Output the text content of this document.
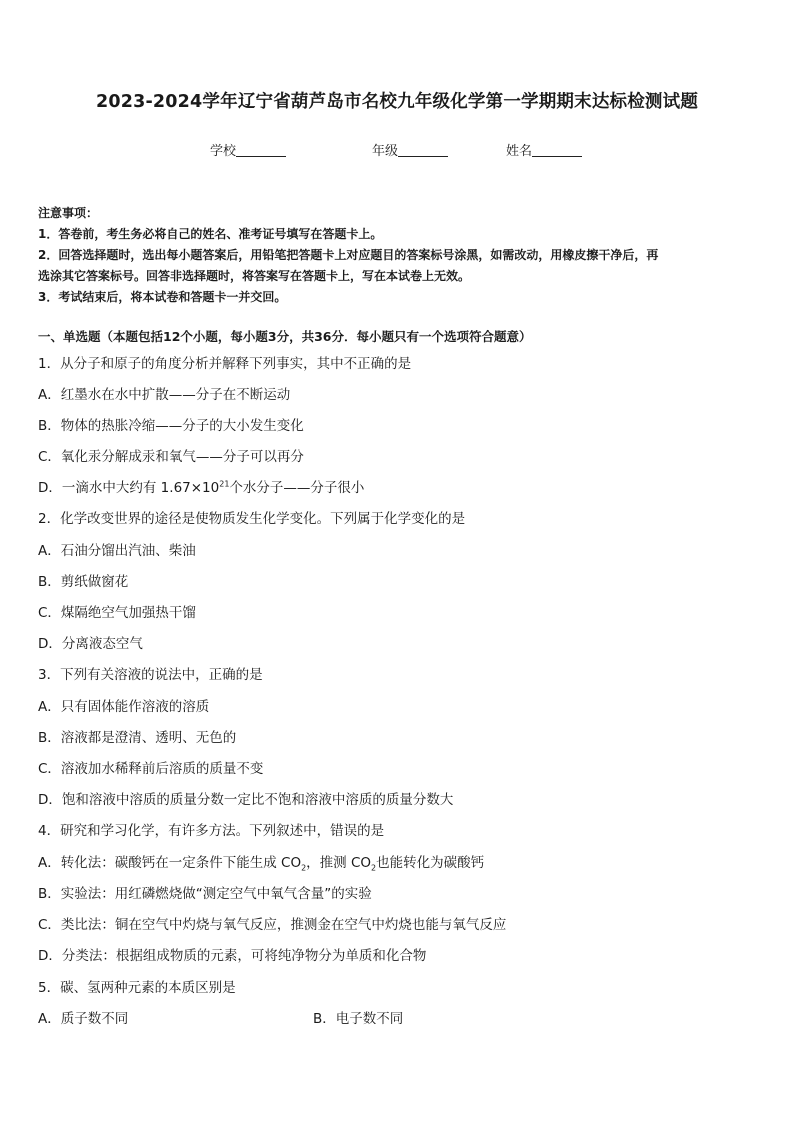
2023-2024学年辽宁省葫芦岛市名校九年级化学第一学期期末达标检测试题
学校	年级	姓名

注意事项：

1．答卷前，考生务必将自己的姓名、准考证号填写在答题卡上。

2．回答选择题时，选出每小题答案后，用铅笔把答题卡上对应题目的答案标号涂黑，如需改动，用橡皮擦干净后，再

选涂其它答案标号。回答非选择题时，将答案写在答题卡上，写在本试卷上无效。

3．考试结束后，将本试卷和答题卡一并交回。

一、单选题（本题包括12个小题，每小题3分，共36分．每小题只有一个选项符合题意）
1．从分子和原子的角度分析并解释下列事实，其中不正确的是
A．红墨水在水中扩散——分子在不断运动
B．物体的热胀冷缩——分子的大小发生变化
C．氧化汞分解成汞和氧气——分子可以再分
D．一滴水中大约有 $1.67\times 10^{21}$个水分子——分子很小
2．化学改变世界的途径是使物质发生化学变化。下列属于化学变化的是
A．石油分馏出汽油、柴油
B．剪纸做窗花
C．煤隔绝空气加强热干馏
D．分离液态空气
3．下列有关溶液的说法中，正确的是
A．只有固体能作溶液的溶质
B．溶液都是澄清、透明、无色的
C．溶液加水稀释前后溶质的质量不变
D．饱和溶液中溶质的质量分数一定比不饱和溶液中溶质的质量分数大
4．研究和学习化学，有许多方法。下列叙述中，错误的是
A．转化法：碳酸钙在一定条件下能生成 $CO_2$，推测 $CO_2$也能转化为碳酸钙
B．实验法：用红磷燃烧做“测定空气中氧气含量”的实验
C．类比法：铜在空气中灼烧与氧气反应，推测金在空气中灼烧也能与氧气反应
D．分类法：根据组成物质的元素，可将纯净物分为单质和化合物
5．碳、氢两种元素的本质区别是
A．质子数不同	B．电子数不同
